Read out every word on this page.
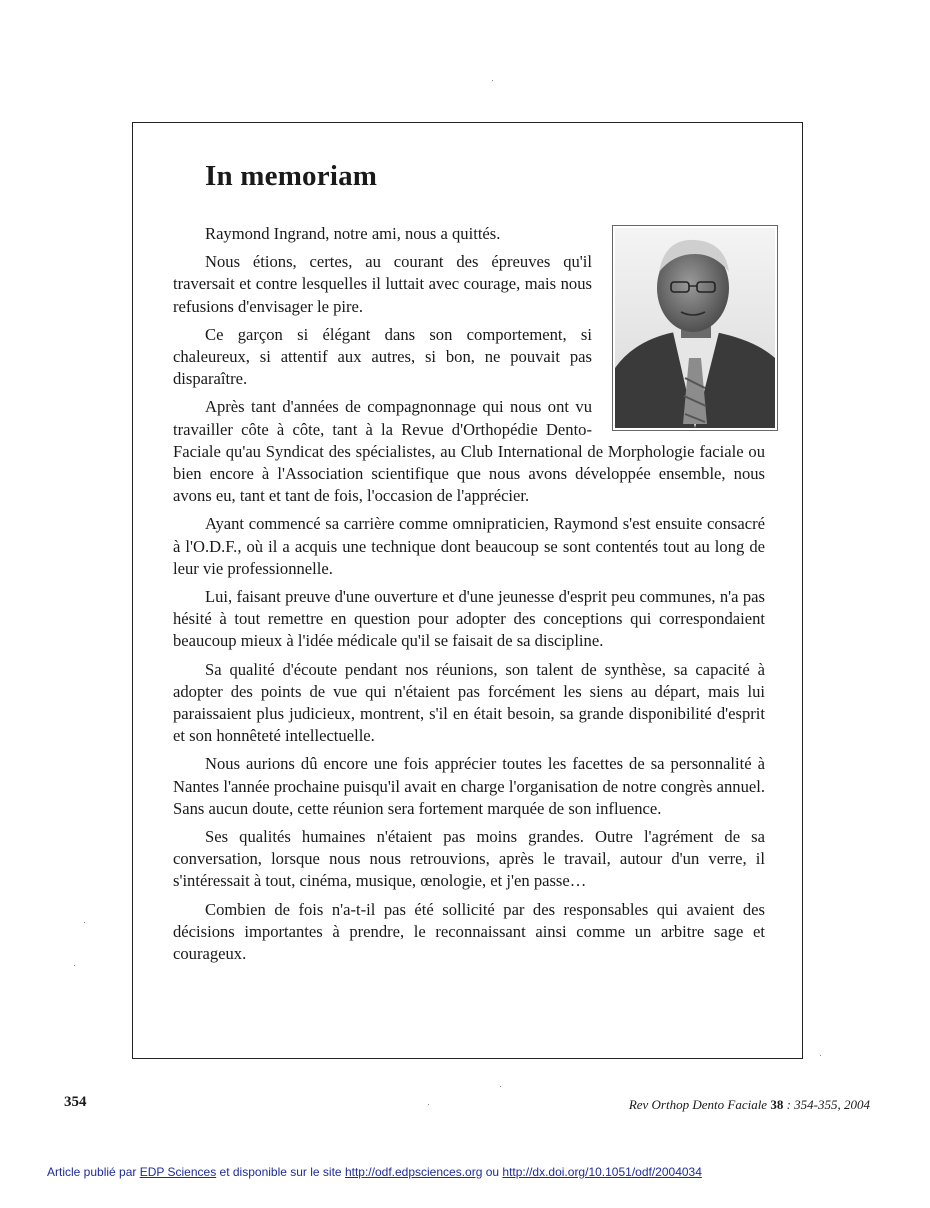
In memoriam

Raymond Ingrand, notre ami, nous a quittés.

Nous étions, certes, au courant des épreuves qu'il traversait et contre lesquelles il luttait avec courage, mais nous refusions d'envisager le pire.

Ce garçon si élégant dans son comportement, si chaleureux, si attentif aux autres, si bon, ne pouvait pas disparaître.

Après tant d'années de compagnonnage qui nous ont vu travailler côte à côte, tant à la Revue d'Orthopédie Dento-Faciale qu'au Syndicat des spécialistes, au Club International de Morphologie faciale ou bien encore à l'Association scientifique que nous avons développée ensemble, nous avons eu, tant et tant de fois, l'occasion de l'apprécier.

Ayant commencé sa carrière comme omnipraticien, Raymond s'est ensuite consacré à l'O.D.F., où il a acquis une technique dont beaucoup se sont contentés tout au long de leur vie professionnelle.

Lui, faisant preuve d'une ouverture et d'une jeunesse d'esprit peu communes, n'a pas hésité à tout remettre en question pour adopter des conceptions qui correspondaient beaucoup mieux à l'idée médicale qu'il se faisait de sa discipline.

Sa qualité d'écoute pendant nos réunions, son talent de synthèse, sa capacité à adopter des points de vue qui n'étaient pas forcément les siens au départ, mais lui paraissaient plus judicieux, montrent, s'il en était besoin, sa grande disponibilité d'esprit et son honnêteté intellectuelle.

Nous aurions dû encore une fois apprécier toutes les facettes de sa personnalité à Nantes l'année prochaine puisqu'il avait en charge l'organisation de notre congrès annuel. Sans aucun doute, cette réunion sera fortement marquée de son influence.

Ses qualités humaines n'étaient pas moins grandes. Outre l'agrément de sa conversation, lorsque nous nous retrouvions, après le travail, autour d'un verre, il s'intéressait à tout, cinéma, musique, œnologie, et j'en passe…

Combien de fois n'a-t-il pas été sollicité par des responsables qui avaient des décisions importantes à prendre, le reconnaissant ainsi comme un arbitre sage et courageux.

354	Rev Orthop Dento Faciale 38 : 354-355, 2004
Article publié par EDP Sciences et disponible sur le site http://odf.edpsciences.org ou http://dx.doi.org/10.1051/odf/2004034
